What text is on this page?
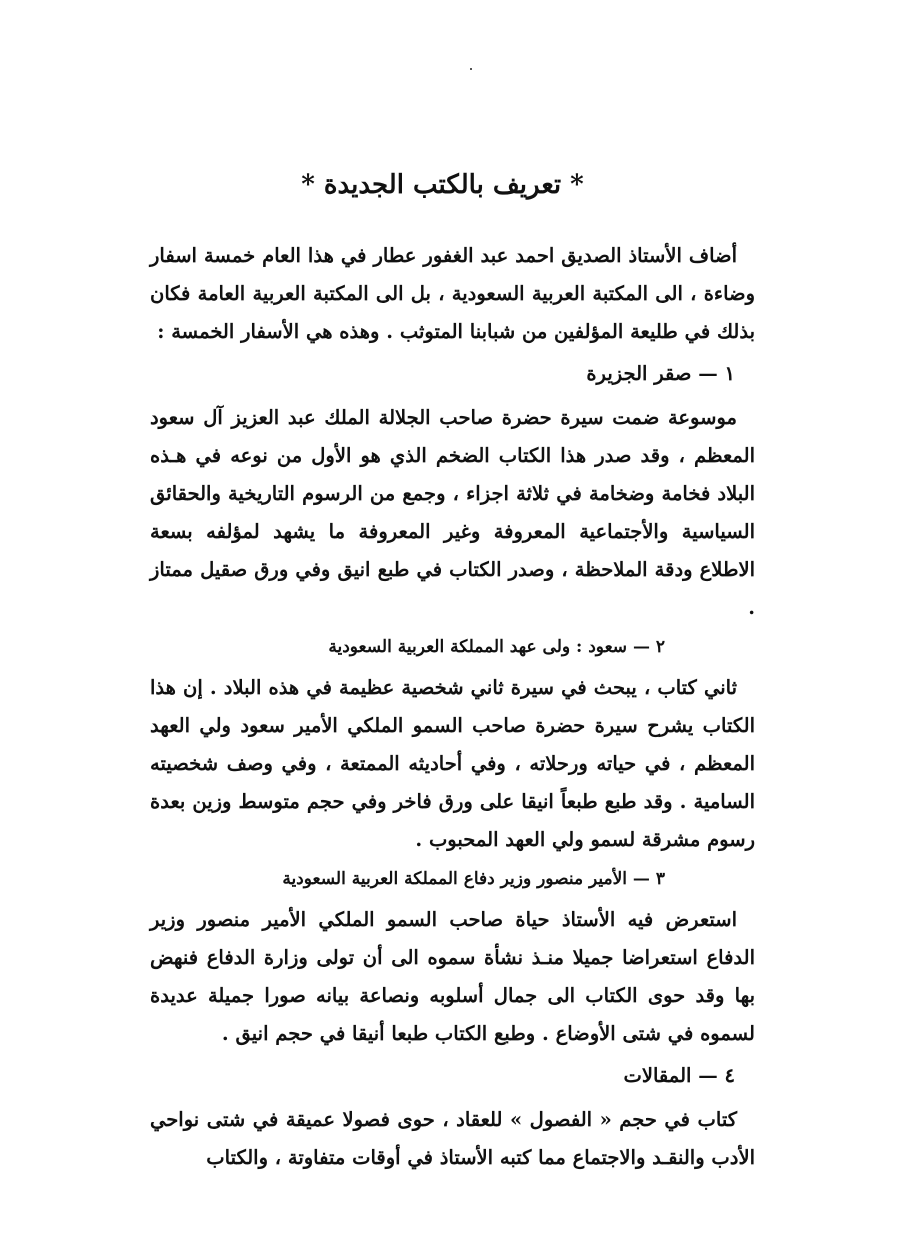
* تعريف بالكتب الجديدة *

أضاف الأستاذ الصديق احمد عبد الغفور عطار في هذا العام خمسة اسفار وضاءة ، الى المكتبة العربية السعودية ، بل الى المكتبة العربية العامة فكان بذلك في طليعة المؤلفين من شبابنا المتوثب . وهذه هي الأسفار الخمسة :

١ — صقر الجزيرة

موسوعة ضمت سيرة حضرة صاحب الجلالة الملك عبد العزيز آل سعود المعظم ، وقد صدر هذا الكتاب الضخم الذي هو الأول من نوعه في هـذه البلاد فخامة وضخامة في ثلاثة اجزاء ، وجمع من الرسوم التاريخية والحقائق السياسية والأجتماعية المعروفة وغير المعروفة ما يشهد لمؤلفه بسعة الاطلاع ودقة الملاحظة ، وصدر الكتاب في طبع انيق وفي ورق صقيل ممتاز .

٢ — سعود : ولى عهد المملكة العربية السعودية

ثاني كتاب ، يبحث في سيرة ثاني شخصية عظيمة في هذه البلاد . إن هذا الكتاب يشرح سيرة حضرة صاحب السمو الملكي الأمير سعود ولي العهد المعظم ، في حياته ورحلاته ، وفي أحاديثه الممتعة ، وفي وصف شخصيته السامية . وقد طبع طبعاً انيقا على ورق فاخر وفي حجم متوسط وزين بعدة رسوم مشرقة لسمو ولي العهد المحبوب .

٣ — الأمير منصور وزير دفاع المملكة العربية السعودية

استعرض فيه الأستاذ حياة صاحب السمو الملكي الأمير منصور وزير الدفاع استعراضا جميلا منـذ نشأة سموه الى أن تولى وزارة الدفاع فنهض بها وقد حوى الكتاب الى جمال أسلوبه ونصاعة بيانه صورا جميلة عديدة لسموه في شتى الأوضاع . وطبع الكتاب طبعا أنيقا في حجم انيق .

٤ — المقالات

كتاب في حجم « الفصول » للعقاد ، حوى فصولا عميقة في شتى نواحي الأدب والنقـد والاجتماع مما كتبه الأستاذ في أوقات متفاوتة ، والكتاب
